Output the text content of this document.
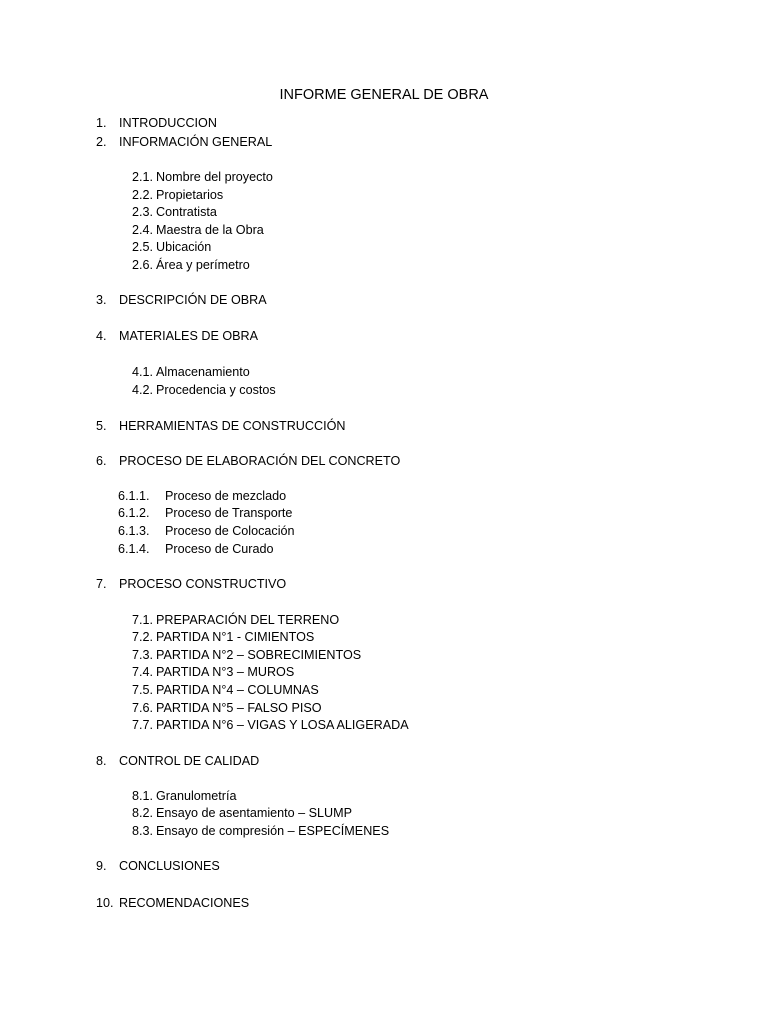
INFORME GENERAL DE OBRA
1. INTRODUCCION
2. INFORMACIÓN GENERAL
2.1. Nombre del proyecto
2.2. Propietarios
2.3. Contratista
2.4. Maestra de la Obra
2.5. Ubicación
2.6. Área y perímetro
3. DESCRIPCIÓN DE OBRA
4. MATERIALES DE OBRA
4.1. Almacenamiento
4.2. Procedencia y costos
5. HERRAMIENTAS DE CONSTRUCCIÓN
6. PROCESO DE ELABORACIÓN DEL CONCRETO
6.1.1. Proceso de mezclado
6.1.2. Proceso de Transporte
6.1.3. Proceso de Colocación
6.1.4. Proceso de Curado
7. PROCESO CONSTRUCTIVO
7.1. PREPARACIÓN DEL TERRENO
7.2. PARTIDA N°1 - CIMIENTOS
7.3. PARTIDA N°2 – SOBRECIMIENTOS
7.4. PARTIDA N°3 – MUROS
7.5. PARTIDA N°4 – COLUMNAS
7.6. PARTIDA N°5 – FALSO PISO
7.7. PARTIDA N°6 – VIGAS Y LOSA ALIGERADA
8. CONTROL DE CALIDAD
8.1. Granulometría
8.2. Ensayo de asentamiento – SLUMP
8.3. Ensayo de compresión – ESPECÍMENES
9. CONCLUSIONES
10. RECOMENDACIONES
